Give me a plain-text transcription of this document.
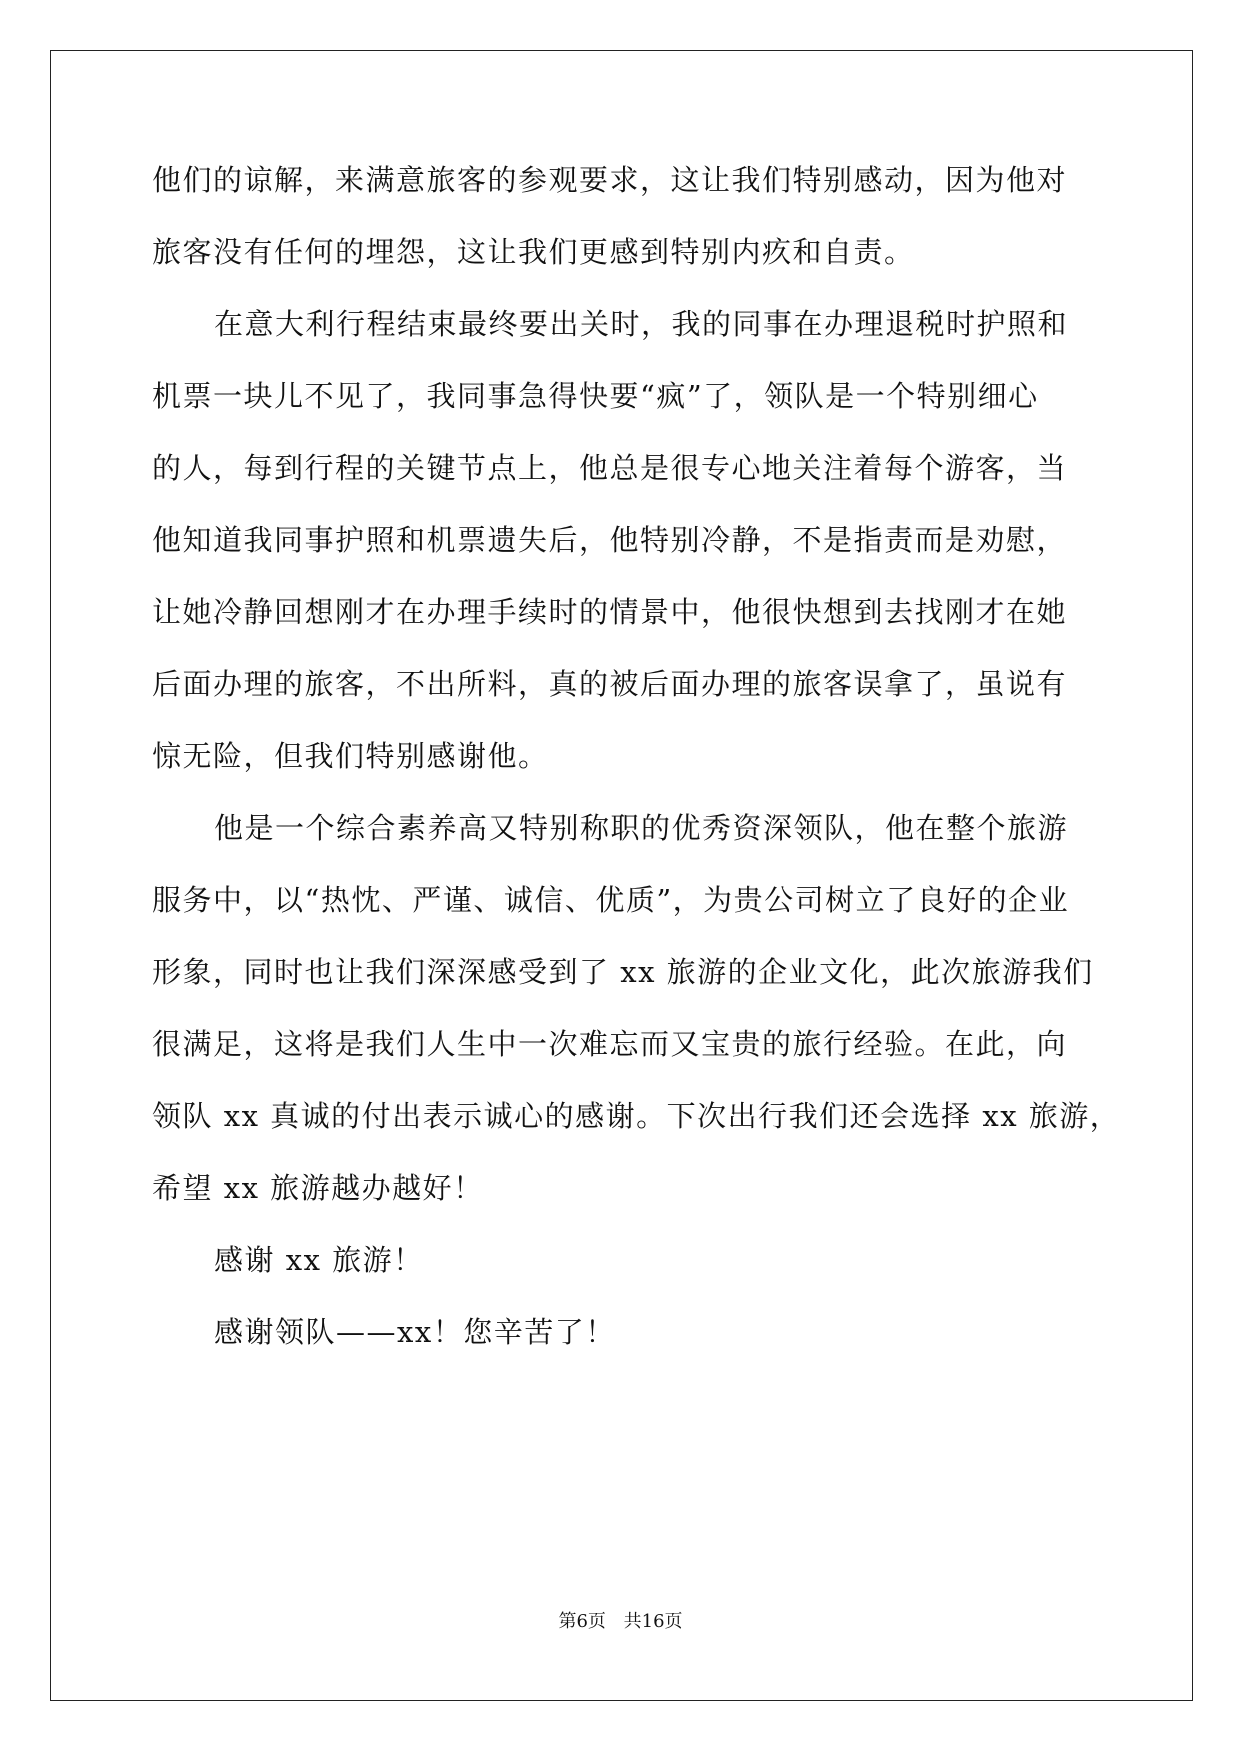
他们的谅解，来满意旅客的参观要求，这让我们特别感动，因为他对
旅客没有任何的埋怨，这让我们更感到特别内疚和自责。
在意大利行程结束最终要出关时，我的同事在办理退税时护照和
机票一块儿不见了，我同事急得快要“疯”了，领队是一个特别细心
的人，每到行程的关键节点上，他总是很专心地关注着每个游客，当
他知道我同事护照和机票遗失后，他特别冷静，不是指责而是劝慰，
让她冷静回想刚才在办理手续时的情景中，他很快想到去找刚才在她
后面办理的旅客，不出所料，真的被后面办理的旅客误拿了，虽说有
惊无险，但我们特别感谢他。
他是一个综合素养高又特别称职的优秀资深领队，他在整个旅游
服务中，以“热忱、严谨、诚信、优质”，为贵公司树立了良好的企业
形象，同时也让我们深深感受到了 xx 旅游的企业文化，此次旅游我们
很满足，这将是我们人生中一次难忘而又宝贵的旅行经验。在此，向
领队 xx 真诚的付出表示诚心的感谢。下次出行我们还会选择 xx 旅游，
希望 xx 旅游越办越好！
感谢 xx 旅游！
感谢领队——xx！您辛苦了！
第6页 共16页
